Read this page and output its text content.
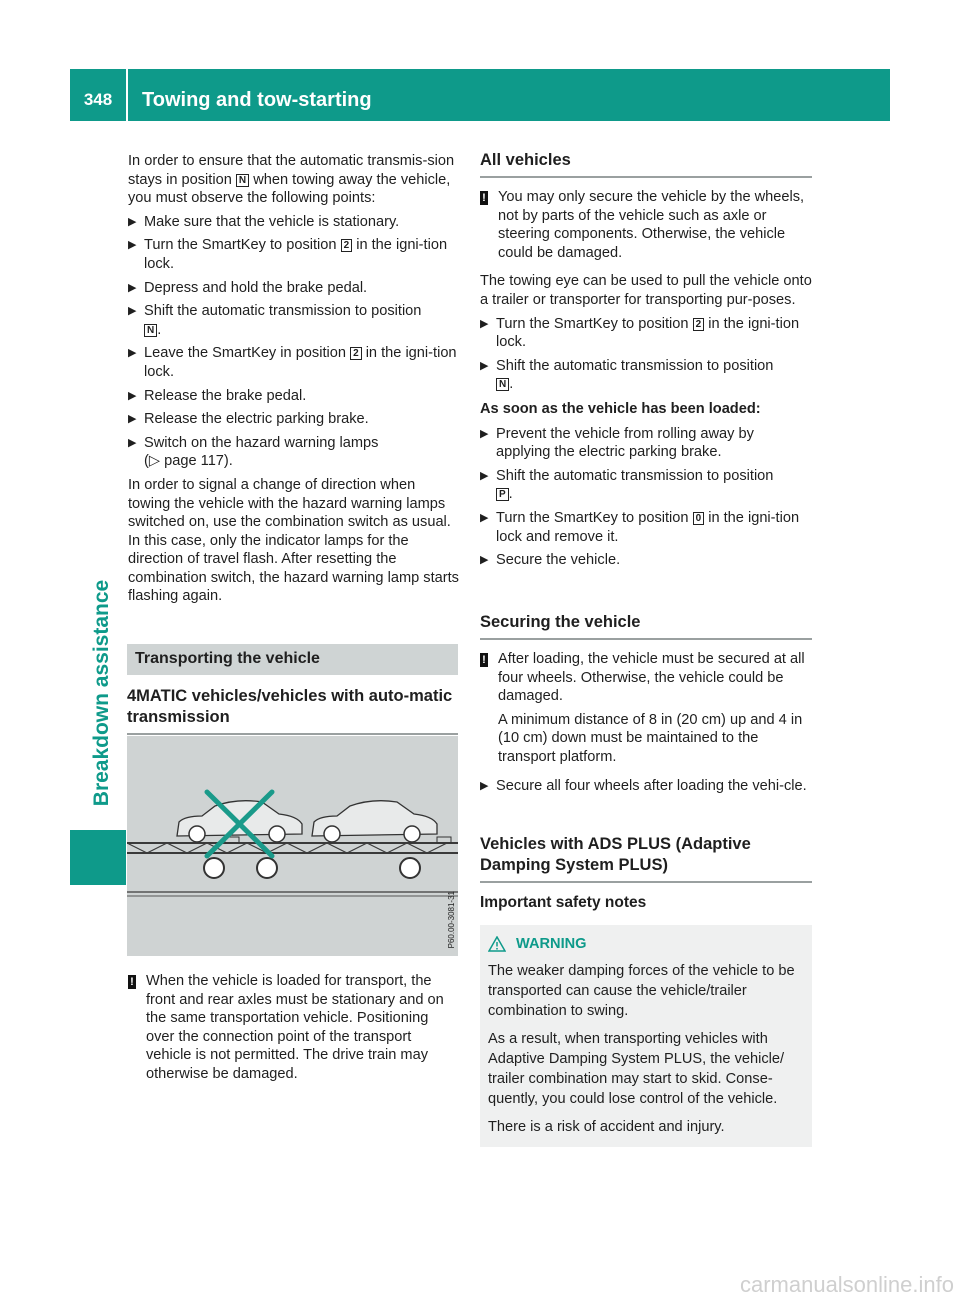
348	Towing and tow-starting
Breakdown assistance

In order to ensure that the automatic transmis-sion stays in position N when towing away the vehicle, you must observe the following points:

▶ Make sure that the vehicle is stationary.
▶ Turn the SmartKey to position 2 in the igni-tion lock.
▶ Depress and hold the brake pedal.
▶ Shift the automatic transmission to position
N .
▶ Leave the SmartKey in position 2 in the igni-tion lock.
▶ Release the brake pedal.
▶ Release the electric parking brake.
▶ Switch on the hazard warning lamps
(▷ page 117).

In order to signal a change of direction when towing the vehicle with the hazard warning lamps switched on, use the combination switch as usual. In this case, only the indicator lamps for the direction of travel flash. After resetting the combination switch, the hazard warning lamp starts flashing again.

Transporting the vehicle
4MATIC vehicles/vehicles with auto-matic transmission
P60.00-3081-31
! When the vehicle is loaded for transport, the front and rear axles must be stationary and on the same transportation vehicle. Positioning over the connection point of the transport vehicle is not permitted. The drive train may otherwise be damaged.

All vehicles
! You may only secure the vehicle by the wheels, not by parts of the vehicle such as axle or steering components. Otherwise, the vehicle could be damaged.

The towing eye can be used to pull the vehicle onto a trailer or transporter for transporting pur-poses.

▶ Turn the SmartKey to position 2 in the igni-tion lock.
▶ Shift the automatic transmission to position
N .
As soon as the vehicle has been loaded:
▶ Prevent the vehicle from rolling away by applying the electric parking brake.
▶ Shift the automatic transmission to position
P .
▶ Turn the SmartKey to position 0 in the igni-tion lock and remove it.
▶ Secure the vehicle.
Securing the vehicle
! After loading, the vehicle must be secured at all four wheels. Otherwise, the vehicle could be damaged.

A minimum distance of 8 in (20 cm) up and 4 in (10 cm) down must be maintained to the transport platform.

▶ Secure all four wheels after loading the vehi-cle.
Vehicles with ADS PLUS (Adaptive Damping System PLUS)
Important safety notes
WARNING

The weaker damping forces of the vehicle to be transported can cause the vehicle/trailer combination to swing.

As a result, when transporting vehicles with Adaptive Damping System PLUS, the vehicle/ trailer combination may start to skid. Conse-quently, you could lose control of the vehicle.

There is a risk of accident and injury.

carmanualsonline.info
